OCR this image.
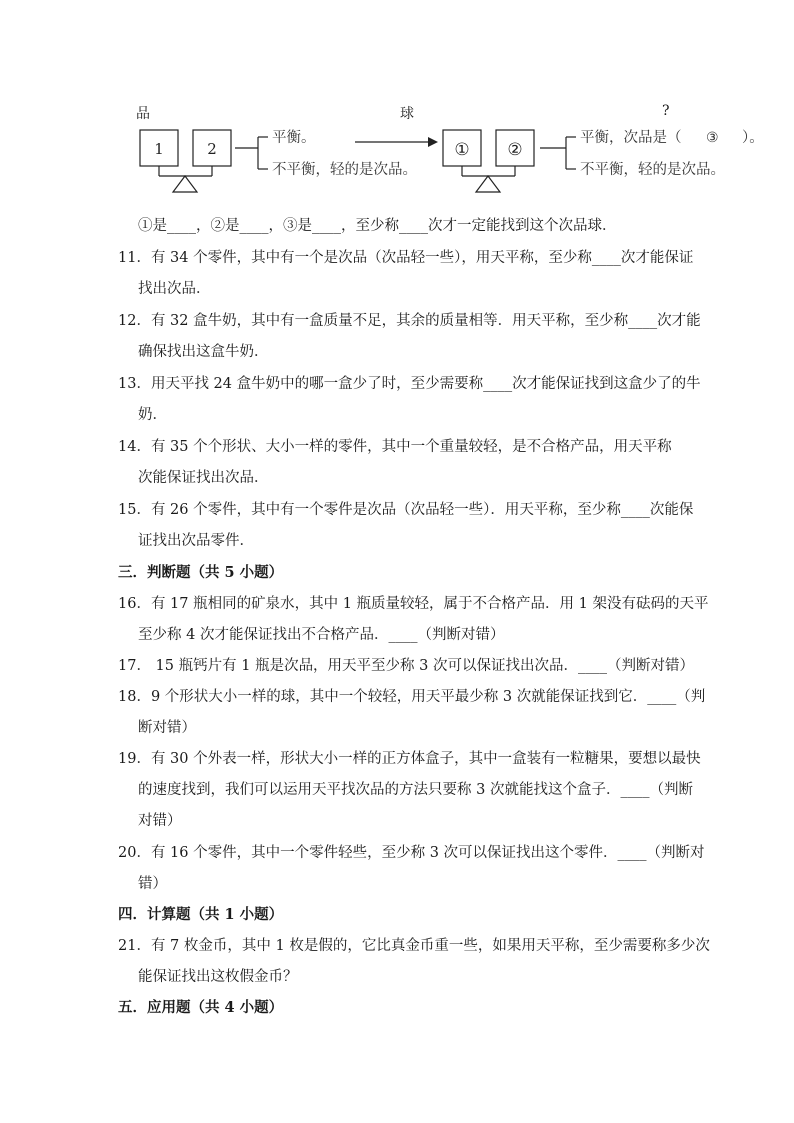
品	球	?
1	2	① ②
平衡。
不平衡，轻的是次品。
平衡，次品是（ ③ ）。
不平衡，轻的是次品。
①是____，②是____，③是____，至少称____次才一定能找到这个次品球．
11．有 34 个零件，其中有一个是次品（次品轻一些），用天平称，至少称____次才能保证
找出次品．
12．有 32 盒牛奶，其中有一盒质量不足，其余的质量相等．用天平称，至少称____次才能
确保找出这盒牛奶．
13．用天平找 24 盒牛奶中的哪一盒少了时，至少需要称____次才能保证找到这盒少了的牛
奶．
14．有 35 个个形状、大小一样的零件，其中一个重量较轻，是不合格产品，用天平称
次能保证找出次品．
15．有 26 个零件，其中有一个零件是次品（次品轻一些）．用天平称，至少称____次能保
证找出次品零件．
三．判断题（共 5 小题）
16．有 17 瓶相同的矿泉水，其中 1 瓶质量较轻，属于不合格产品．用 1 架没有砝码的天平
至少称 4 次才能保证找出不合格产品．____（判断对错）
17． 15 瓶钙片有 1 瓶是次品，用天平至少称 3 次可以保证找出次品．____（判断对错）
18．9 个形状大小一样的球，其中一个较轻，用天平最少称 3 次就能保证找到它．____（判
断对错）
19．有 30 个外表一样，形状大小一样的正方体盒子，其中一盒装有一粒糖果，要想以最快
的速度找到，我们可以运用天平找次品的方法只要称 3 次就能找这个盒子．____（判断
对错）
20．有 16 个零件，其中一个零件轻些，至少称 3 次可以保证找出这个零件．____（判断对
错）
四．计算题（共 1 小题）
21．有 7 枚金币，其中 1 枚是假的，它比真金币重一些，如果用天平称，至少需要称多少次
能保证找出这枚假金币？
五．应用题（共 4 小题）
